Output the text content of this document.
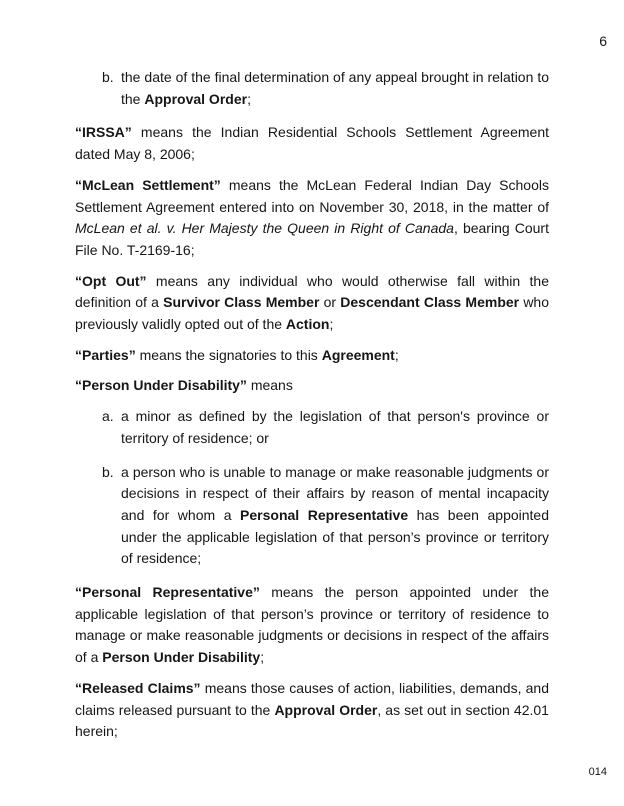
6
b. the date of the final determination of any appeal brought in relation to the Approval Order;
“IRSSA” means the Indian Residential Schools Settlement Agreement dated May 8, 2006;
“McLean Settlement” means the McLean Federal Indian Day Schools Settlement Agreement entered into on November 30, 2018, in the matter of McLean et al. v. Her Majesty the Queen in Right of Canada, bearing Court File No. T-2169-16;
“Opt Out” means any individual who would otherwise fall within the definition of a Survivor Class Member or Descendant Class Member who previously validly opted out of the Action;
“Parties” means the signatories to this Agreement;
“Person Under Disability” means
a. a minor as defined by the legislation of that person's province or territory of residence; or
b. a person who is unable to manage or make reasonable judgments or decisions in respect of their affairs by reason of mental incapacity and for whom a Personal Representative has been appointed under the applicable legislation of that person’s province or territory of residence;
“Personal Representative” means the person appointed under the applicable legislation of that person’s province or territory of residence to manage or make reasonable judgments or decisions in respect of the affairs of a Person Under Disability;
“Released Claims” means those causes of action, liabilities, demands, and claims released pursuant to the Approval Order, as set out in section 42.01 herein;
014
